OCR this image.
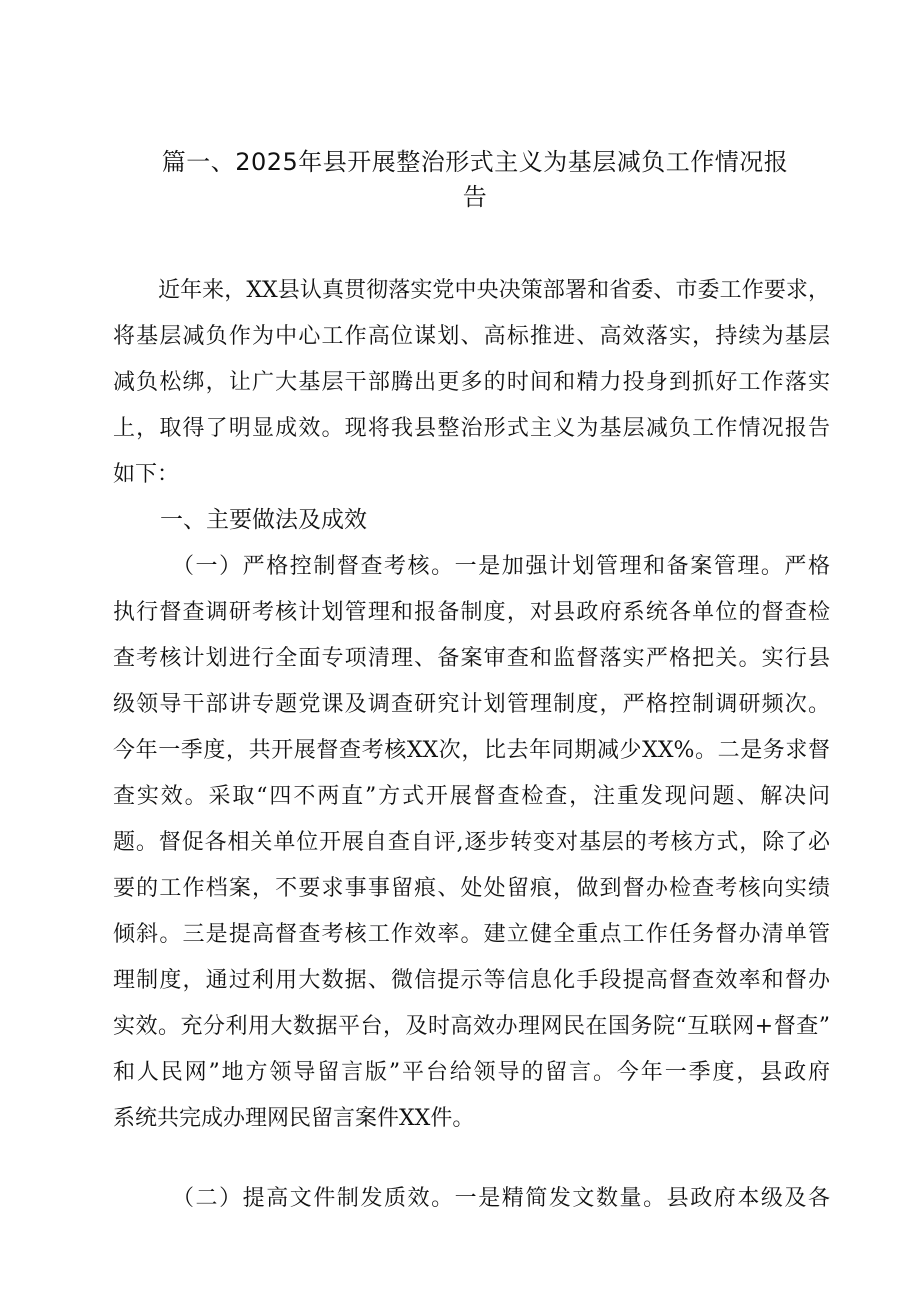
篇一、2025年县开展整治形式主义为基层减负工作情况报
告
近年来，XX县认真贯彻落实党中央决策部署和省委、市委工作要求，
将基层减负作为中心工作高位谋划、高标推进、高效落实，持续为基层
减负松绑，让广大基层干部腾出更多的时间和精力投身到抓好工作落实
上，取得了明显成效。现将我县整治形式主义为基层减负工作情况报告
如下：
一、主要做法及成效
（一）严格控制督查考核。一是加强计划管理和备案管理。严格
执行督查调研考核计划管理和报备制度，对县政府系统各单位的督查检
查考核计划进行全面专项清理、备案审查和监督落实严格把关。实行县
级领导干部讲专题党课及调查研究计划管理制度，严格控制调研频次。
今年一季度，共开展督查考核XX次，比去年同期减少XX%。二是务求督
查实效。采取“四不两直”方式开展督查检查，注重发现问题、解决问
题。督促各相关单位开展自查自评,逐步转变对基层的考核方式，除了必
要的工作档案，不要求事事留痕、处处留痕，做到督办检查考核向实绩
倾斜。三是提高督查考核工作效率。建立健全重点工作任务督办清单管
理制度，通过利用大数据、微信提示等信息化手段提高督查效率和督办
实效。充分利用大数据平台，及时高效办理网民在国务院“互联网+督查”
和人民网”地方领导留言版”平台给领导的留言。今年一季度，县政府
系统共完成办理网民留言案件XX件。
（二）提高文件制发质效。一是精简发文数量。县政府本级及各
